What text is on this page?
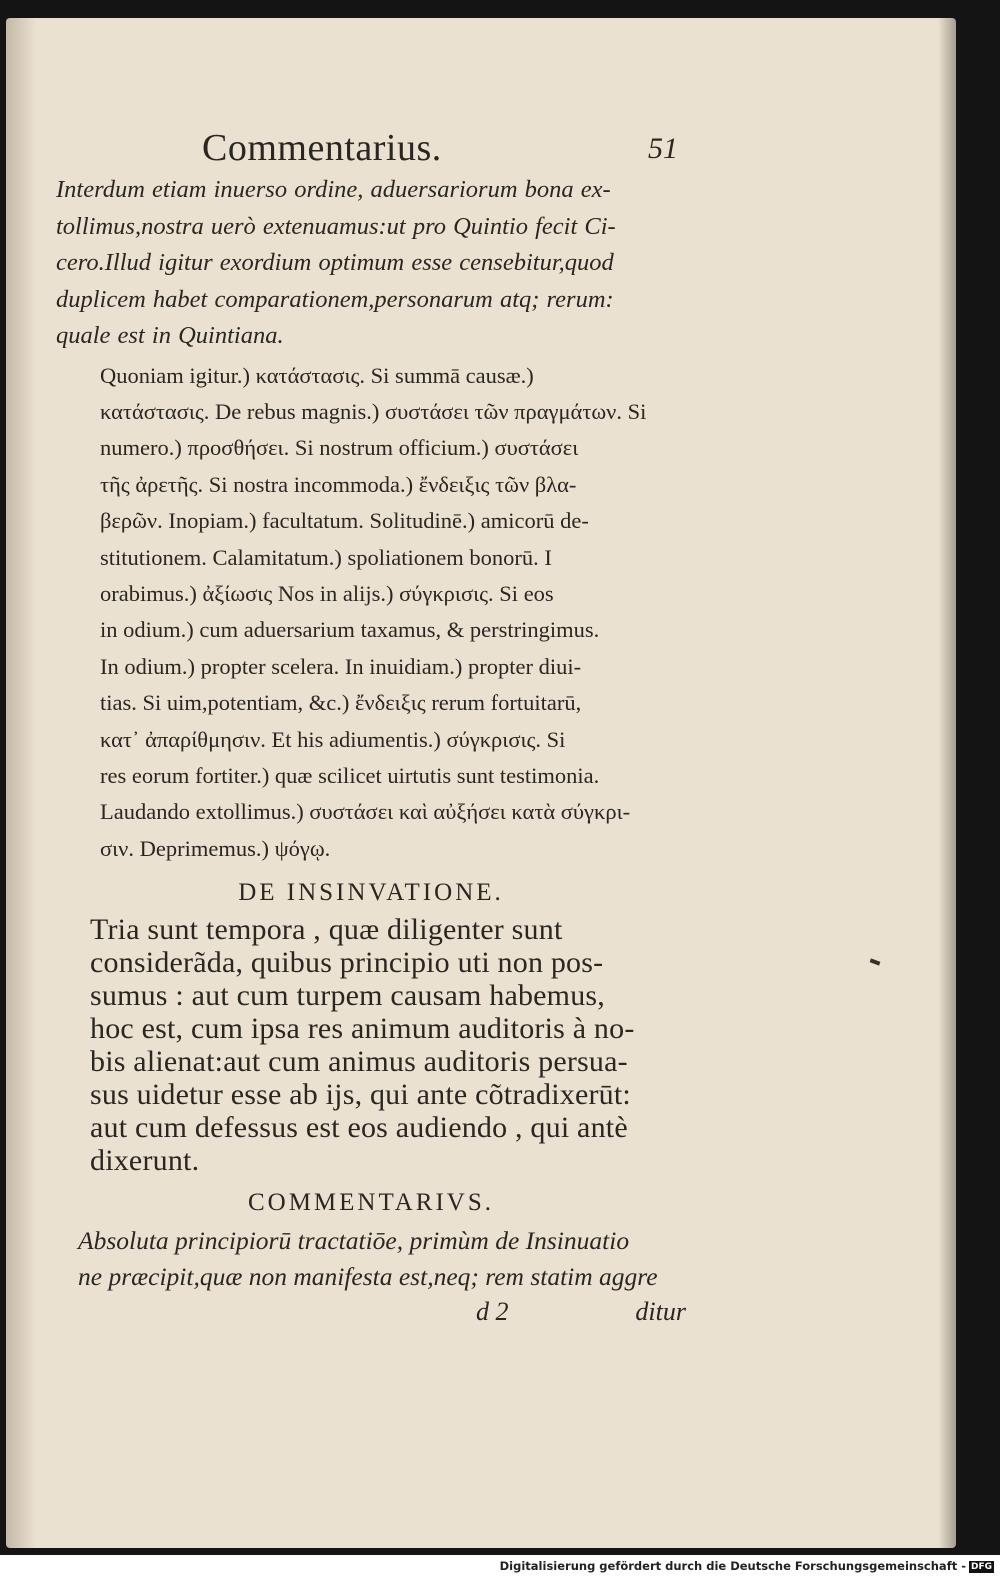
Commentarius.	51

Interdum etiam inuerso ordine, aduersariorum bona ex-
tollimus,nostra uerò extenuamus:ut pro Quintio fecit Ci-
cero.Illud igitur exordium optimum esse censebitur,quod
duplicem habet comparationem,personarum atq; rerum:
quale est in Quintiana.

Quoniam igitur.) κατάστασις. Si summā causæ.)
κατάστασις. De rebus magnis.) συστάσει τῶν πραγμάτων. Si
numero.) προσθήσει. Si nostrum officium.) συστάσει
τῆς ἀρετῆς. Si nostra incommoda.) ἔνδειξις τῶν βλα-
βερῶν. Inopiam.) facultatum. Solitudinē.) amicorū de-
stitutionem. Calamitatum.) spoliationem bonorū. I
orabimus.) ἀξίωσις Nos in alijs.) σύγκρισις. Si eos
in odium.) cum aduersarium taxamus, & perstringimus.
In odium.) propter scelera. In inuidiam.) propter diui-
tias. Si uim,potentiam, &c.) ἔνδειξις rerum fortuitarū,
κατ᾽ ἀπαρίθμησιν. Et his adiumentis.) σύγκρισις. Si
res eorum fortiter.) quæ scilicet uirtutis sunt testimonia.
Laudando extollimus.) συστάσει καὶ αὐξήσει κατὰ σύγκρι-
σιν. Deprimemus.) ψόγῳ.

DE INSINVATIONE.

Tria sunt tempora , quæ diligenter sunt
considerãda, quibus principio uti non pos-
sumus : aut cum turpem causam habemus,
hoc est, cum ipsa res animum auditoris à no-
bis alienat:aut cum animus auditoris persua-
sus uidetur esse ab ijs, qui ante cõtradixerūt:
aut cum defessus est eos audiendo , qui antè
dixerunt.

COMMENTARIVS.

Absoluta principiorū tractatiōe, primùm de Insinuatio
ne præcipit,quæ non manifesta est,neq; rem statim aggre

d 2	ditur
Digitalisierung gefördert durch die Deutsche Forschungsgemeinschaft - DFG
